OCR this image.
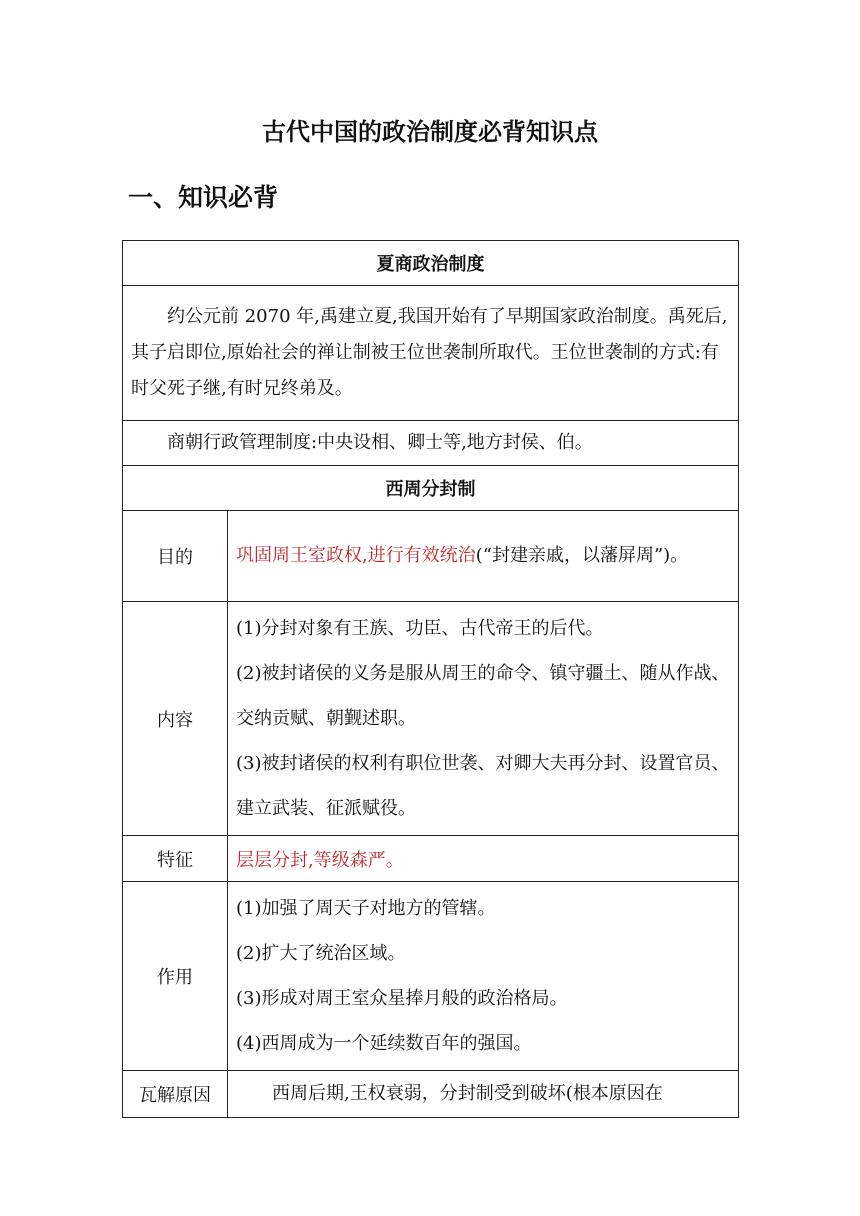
古代中国的政治制度必背知识点
一、知识必背
夏商政治制度	

约公元前 2070 年,禹建立夏,我国开始有了早期国家政治制度。禹死后,其子启即位,原始社会的禅让制被王位世袭制所取代。王位世袭制的方式:有时父死子继,有时兄终弟及。	

商朝行政管理制度:中央设相、卿士等,地方封侯、伯。	

西周分封制	
目的	巩固周王室政权,进行有效统治(“封建亲戚，以藩屏周”)。

内容	(1)分封对象有王族、功臣、古代帝王的后代。

(2)被封诸侯的义务是服从周王的命令、镇守疆土、随从作战、交纳贡赋、朝觐述职。

(3)被封诸侯的权利有职位世袭、对卿大夫再分封、设置官员、建立武装、征派赋役。

特征	层层分封,等级森严。
作用	(1)加强了周天子对地方的管辖。

(2)扩大了统治区域。

(3)形成对周王室众星捧月般的政治格局。

(4)西周成为一个延续数百年的强国。

瓦解原因	西周后期,王权衰弱，分封制受到破坏(根本原因在
